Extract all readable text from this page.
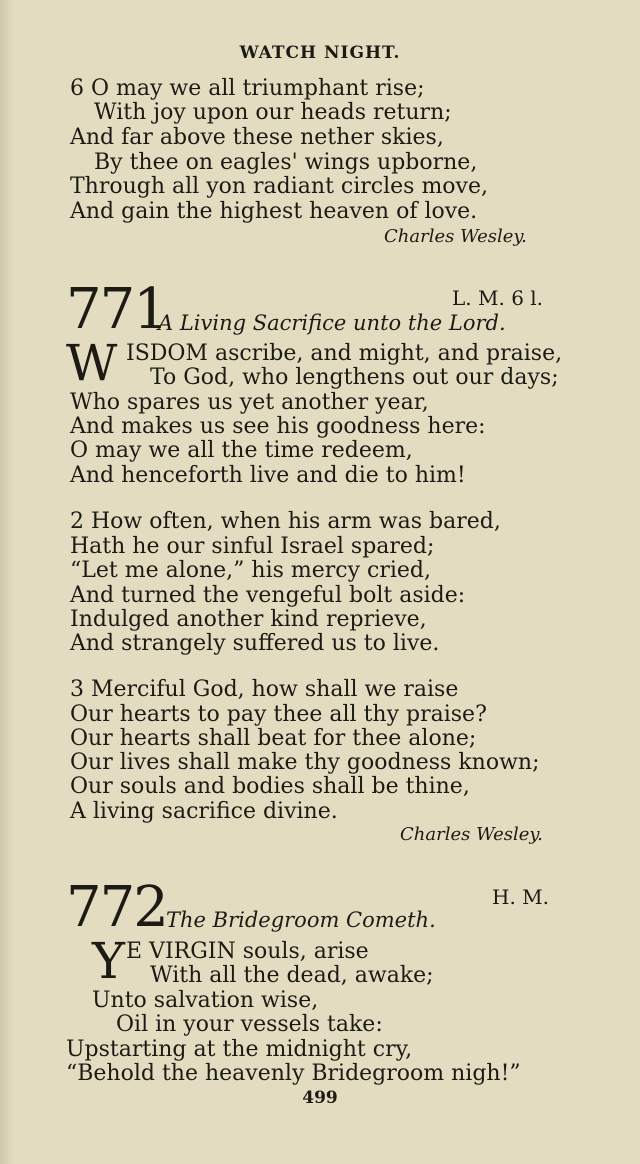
WATCH NIGHT.
6 O may we all triumphant rise;
With joy upon our heads return;
And far above these nether skies,
By thee on eagles' wings upborne,
Through all yon radiant circles move,
And gain the highest heaven of love.
Charles Wesley.
771	L. M. 6 l.
A Living Sacrifice unto the Lord.
W ISDOM ascribe, and might, and praise,
To God, who lengthens out our days;
Who spares us yet another year,
And makes us see his goodness here:
O may we all the time redeem,
And henceforth live and die to him!
2 How often, when his arm was bared,
Hath he our sinful Israel spared;
“Let me alone,” his mercy cried,
And turned the vengeful bolt aside:
Indulged another kind reprieve,
And strangely suffered us to live.
3 Merciful God, how shall we raise
Our hearts to pay thee all thy praise?
Our hearts shall beat for thee alone;
Our lives shall make thy goodness known;
Our souls and bodies shall be thine,
A living sacrifice divine.
Charles Wesley.
772	H. M.
The Bridegroom Cometh.
Y E VIRGIN souls, arise
With all the dead, awake;
Unto salvation wise,
Oil in your vessels take:
Upstarting at the midnight cry,
“Behold the heavenly Bridegroom nigh!”
499
